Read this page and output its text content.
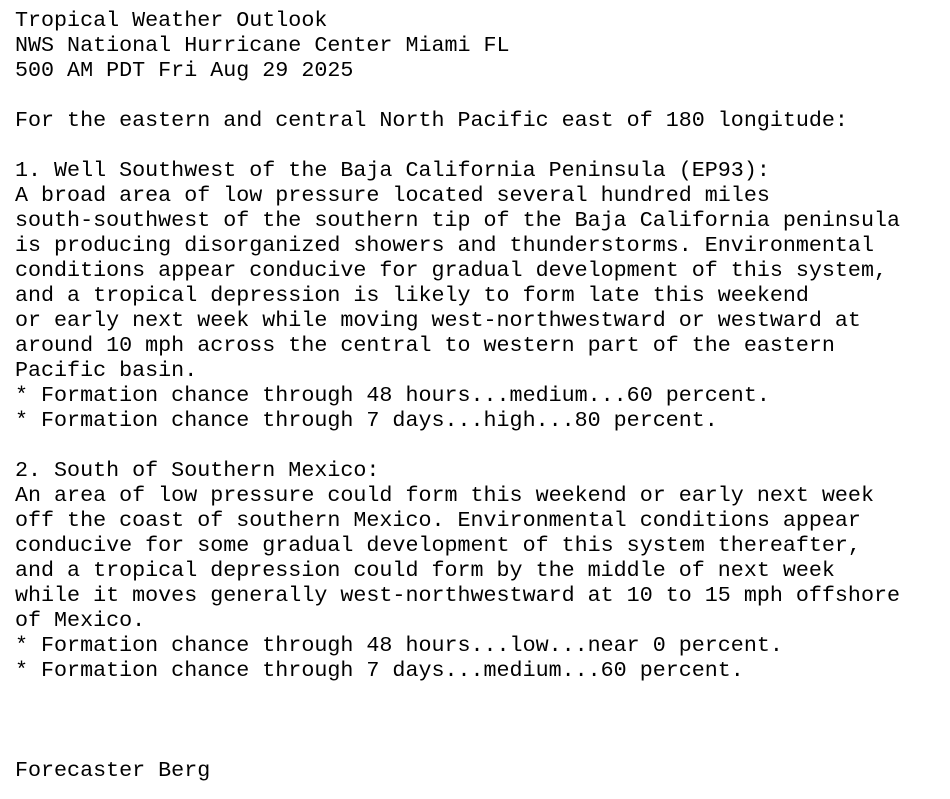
Tropical Weather Outlook
NWS National Hurricane Center Miami FL
500 AM PDT Fri Aug 29 2025
For the eastern and central North Pacific east of 180 longitude:
1. Well Southwest of the Baja California Peninsula (EP93):
A broad area of low pressure located several hundred miles
south-southwest of the southern tip of the Baja California peninsula
is producing disorganized showers and thunderstorms. Environmental
conditions appear conducive for gradual development of this system,
and a tropical depression is likely to form late this weekend
or early next week while moving west-northwestward or westward at
around 10 mph across the central to western part of the eastern
Pacific basin.
* Formation chance through 48 hours...medium...60 percent.
* Formation chance through 7 days...high...80 percent.
2. South of Southern Mexico:
An area of low pressure could form this weekend or early next week
off the coast of southern Mexico. Environmental conditions appear
conducive for some gradual development of this system thereafter,
and a tropical depression could form by the middle of next week
while it moves generally west-northwestward at 10 to 15 mph offshore
of Mexico.
* Formation chance through 48 hours...low...near 0 percent.
* Formation chance through 7 days...medium...60 percent.
Forecaster Berg
